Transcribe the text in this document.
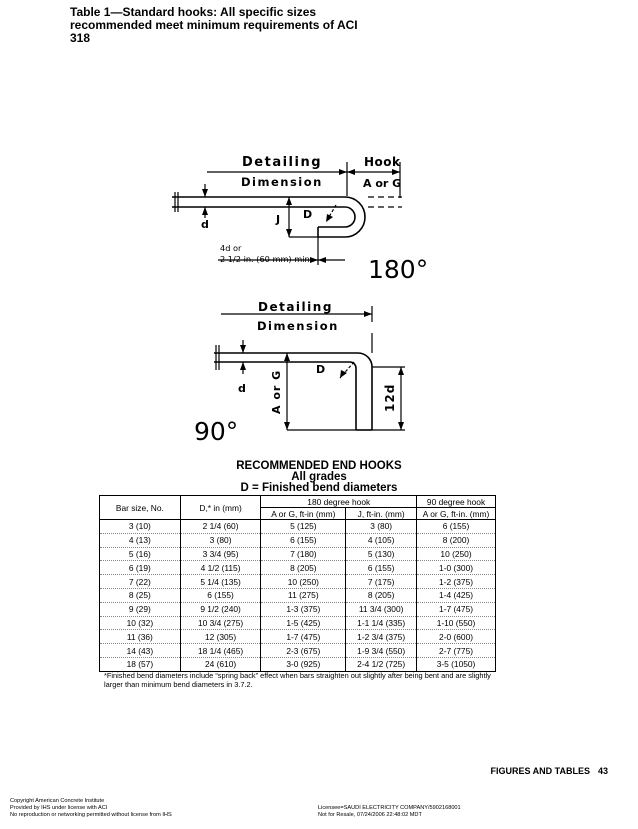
Table 1—Standard hooks: All specific sizes
recommended meet minimum requirements of ACI
318
Detailing
Dimension
Hook
A or G
d	J D
4d or
2 1/2 in. (60 mm) min. 180°
Detailing
Dimension
d
D
A or G	12d
90°
RECOMMENDED END HOOKS
All grades
D = Finished bend diameters
Bar size, No.	D,* in (mm)	180 degree hook		90 degree hook
		A or G, ft-in (mm)	J, ft-in. (mm)	A or G, ft-in. (mm)
3 (10)	2 1/4 (60)	5 (125)	3 (80)	6 (155)
4 (13)	3 (80)	6 (155)	4 (105)	8 (200)
5 (16)	3 3/4 (95)	7 (180)	5 (130)	10 (250)
6 (19)	4 1/2 (115)	8 (205)	6 (155)	1-0 (300)
7 (22)	5 1/4 (135)	10 (250)	7 (175)	1-2 (375)
8 (25)	6 (155)	11 (275)	8 (205)	1-4 (425)
9 (29)	9 1/2 (240)	1-3 (375)	11 3/4 (300)	1-7 (475)
10 (32)	10 3/4 (275)	1-5 (425)	1-1 1/4 (335)	1-10 (550)
11 (36)	12 (305)	1-7 (475)	1-2 3/4 (375)	2-0 (600)
14 (43)	18 1/4 (465)	2-3 (675)	1-9 3/4 (550)	2-7 (775)
18 (57)	24 (610)	3-0 (925)	2-4 1/2 (725)	3-5 (1050)
*Finished bend diameters include “spring back” effect when bars straighten out slightly after being bent and are slightly larger than minimum bend diameters in 3.7.2.
FIGURES AND TABLES 43
Copyright American Concrete Institute
Provided by IHS under license with ACI
No reproduction or networking permitted without license from IHS
Licensee=SAUDI ELECTRICITY COMPANY/5902168001
Not for Resale, 07/24/2006 22:48:02 MDT
